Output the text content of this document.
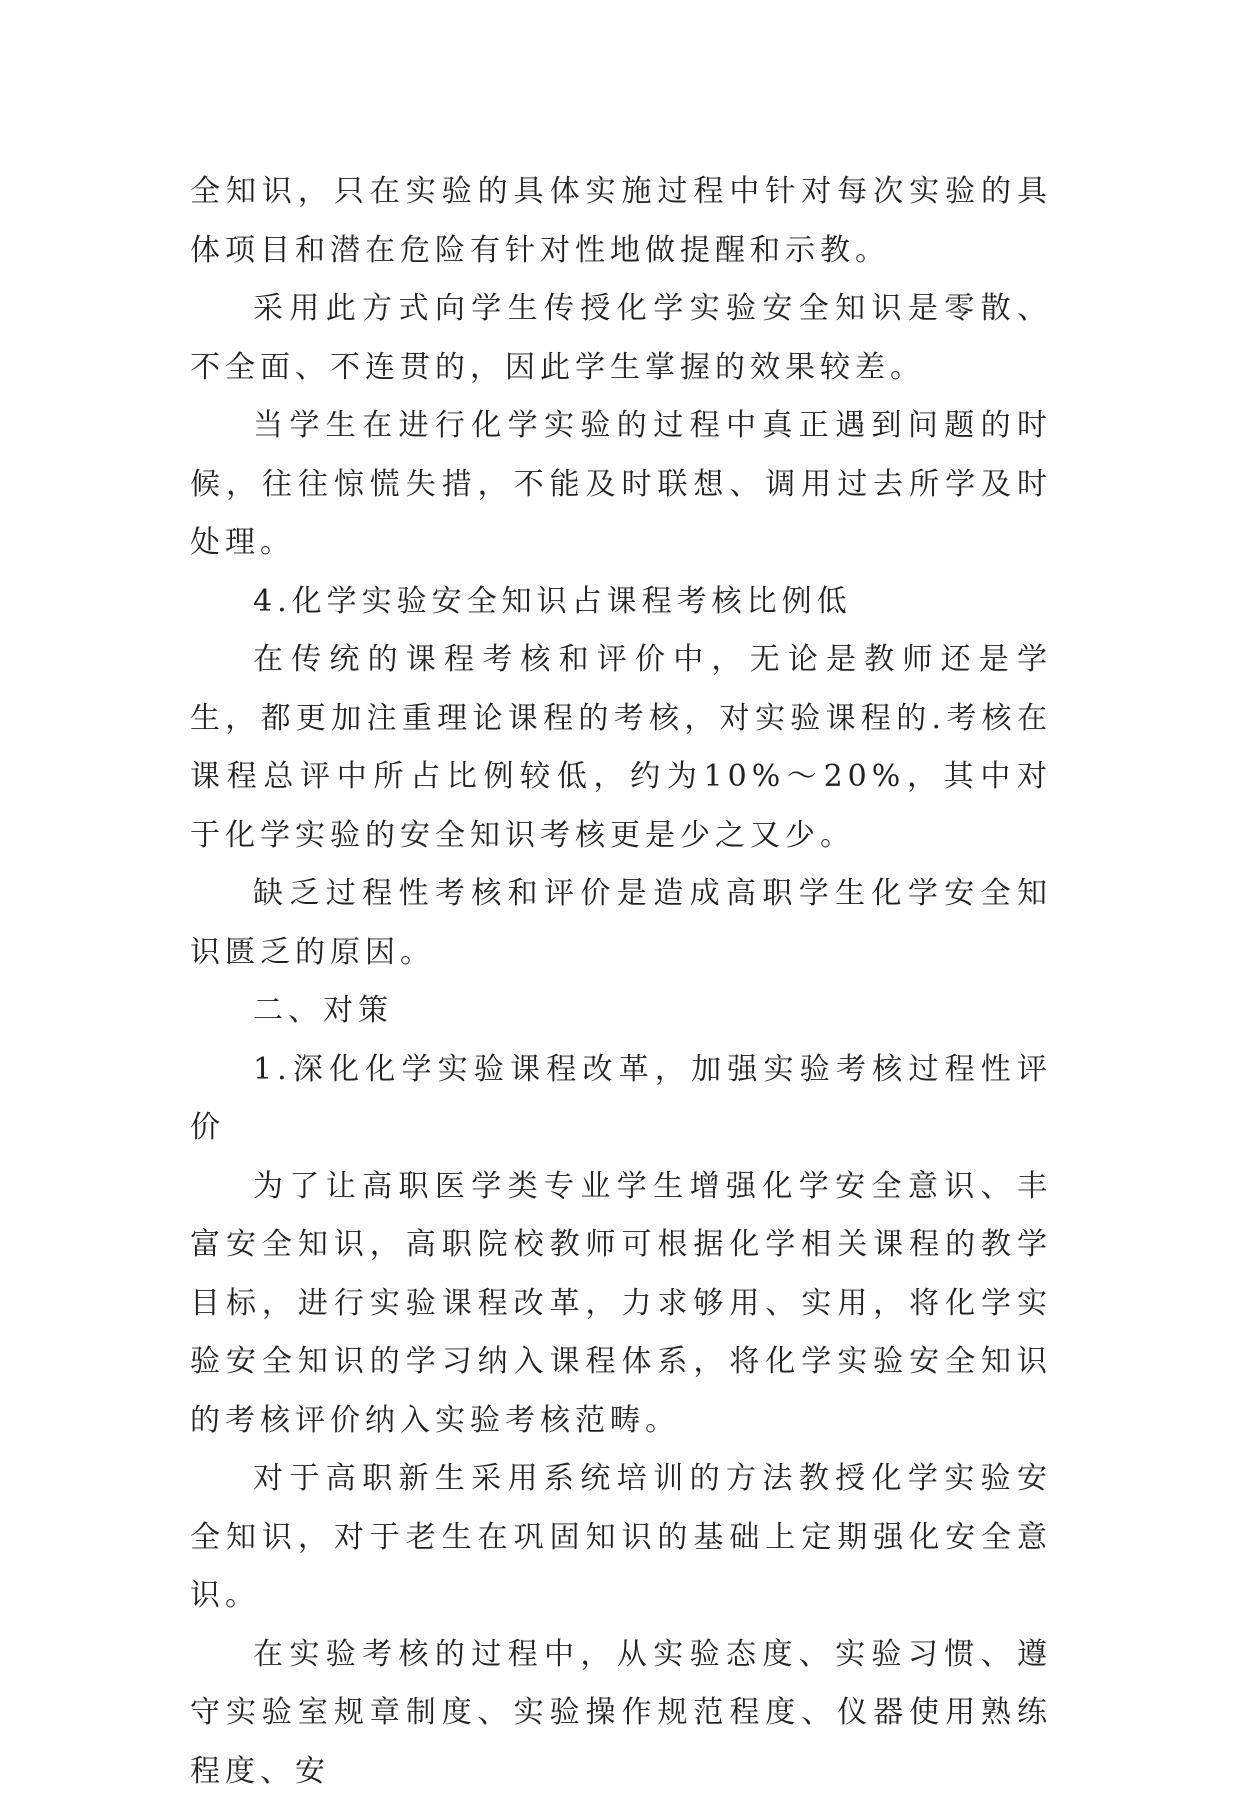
全知识，只在实验的具体实施过程中针对每次实验的具体项目和潜在危险有针对性地做提醒和示教。

采用此方式向学生传授化学实验安全知识是零散、不全面、不连贯的，因此学生掌握的效果较差。

当学生在进行化学实验的过程中真正遇到问题的时候，往往惊慌失措，不能及时联想、调用过去所学及时处理。

4.化学实验安全知识占课程考核比例低

在传统的课程考核和评价中，无论是教师还是学生，都更加注重理论课程的考核，对实验课程的.考核在课程总评中所占比例较低，约为10%～20%，其中对于化学实验的安全知识考核更是少之又少。

缺乏过程性考核和评价是造成高职学生化学安全知识匮乏的原因。

二、对策

1.深化化学实验课程改革，加强实验考核过程性评价

为了让高职医学类专业学生增强化学安全意识、丰富安全知识，高职院校教师可根据化学相关课程的教学目标，进行实验课程改革，力求够用、实用，将化学实验安全知识的学习纳入课程体系，将化学实验安全知识的考核评价纳入实验考核范畴。

对于高职新生采用系统培训的方法教授化学实验安全知识，对于老生在巩固知识的基础上定期强化安全意识。

在实验考核的过程中，从实验态度、实验习惯、遵守实验室规章制度、实验操作规范程度、仪器使用熟练程度、安
